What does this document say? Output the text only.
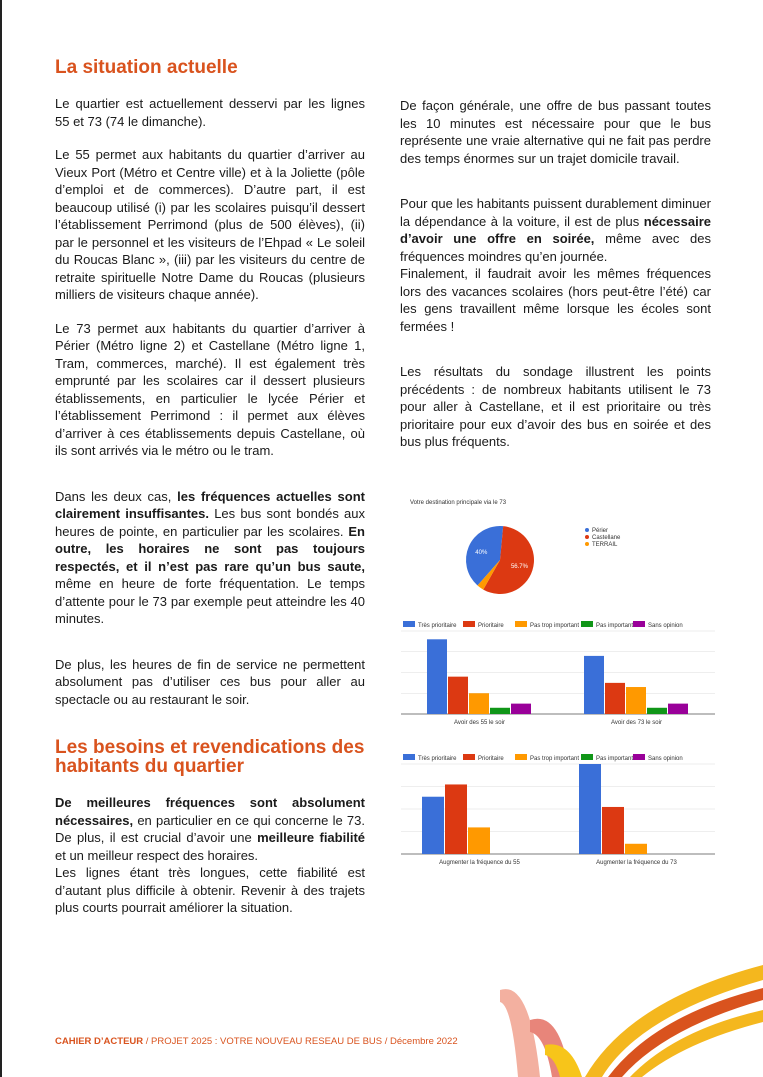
La situation actuelle

Le quartier est actuellement desservi par les lignes 55 et 73 (74 le dimanche).

Le 55 permet aux habitants du quartier d’arriver au Vieux Port (Métro et Centre ville) et à la Joliette (pôle d’emploi et de commerces). D’autre part, il est beaucoup utilisé (i) par les scolaires puisqu’il dessert l’établissement Perrimond (plus de 500 élèves), (ii) par le personnel et les visiteurs de l’Ehpad « Le soleil du Roucas Blanc », (iii) par les visiteurs du centre de retraite spirituelle Notre Dame du Roucas (plusieurs milliers de visiteurs chaque année).

Le 73 permet aux habitants du quartier d’arriver à Périer (Métro ligne 2) et Castellane (Métro ligne 1, Tram, commerces, marché). Il est également très emprunté par les scolaires car il dessert plusieurs établissements, en particulier le lycée Périer et l’établissement Perrimond : il permet aux élèves d’arriver à ces établissements depuis Castellane, où ils sont arrivés via le métro ou le tram.

Dans les deux cas, les fréquences actuelles sont clairement insuffisantes. Les bus sont bondés aux heures de pointe, en particulier par les scolaires. En outre, les horaires ne sont pas toujours respectés, et il n’est pas rare qu’un bus saute, même en heure de forte fréquentation. Le temps d’attente pour le 73 par exemple peut atteindre les 40 minutes.

De plus, les heures de fin de service ne permettent absolument pas d’utiliser ces bus pour aller au spectacle ou au restaurant le soir.

Les besoins et revendications des habitants du quartier

De meilleures fréquences sont absolument nécessaires, en particulier en ce qui concerne le 73. De plus, il est crucial d’avoir une meilleure fiabilité et un meilleur respect des horaires.

Les lignes étant très longues, cette fiabilité est d’autant plus difficile à obtenir. Revenir à des trajets plus courts pourrait améliorer la situation.

De façon générale, une offre de bus passant toutes les 10 minutes est nécessaire pour que le bus représente une vraie alternative qui ne fait pas perdre des temps énormes sur un trajet domicile travail.

Pour que les habitants puissent durablement diminuer la dépendance à la voiture, il est de plus nécessaire d’avoir une offre en soirée, même avec des fréquences moindres qu’en journée.

Finalement, il faudrait avoir les mêmes fréquences lors des vacances scolaires (hors peut-être l’été) car les gens travaillent même lorsque les écoles sont fermées !

Les résultats du sondage illustrent les points précédents : de nombreux habitants utilisent le 73 pour aller à Castellane, et il est prioritaire ou très prioritaire pour eux d’avoir des bus en soirée et des bus plus fréquents.

Votre destination principale via le 73
40%
56.7%
Périer
Castellane
TERRAIL
Très prioritaire	Prioritaire	Pas trop important	Pas important Sans opinion
Avoir des 55 le soir	Avoir des 73 le soir
Très prioritaire	Prioritaire	Pas trop important	Pas important Sans opinion
Augmenter la fréquence du 55	Augmenter la fréquence du 73
CAHIER D’ACTEUR / PROJET 2025 : VOTRE NOUVEAU RESEAU DE BUS / Décembre 2022
